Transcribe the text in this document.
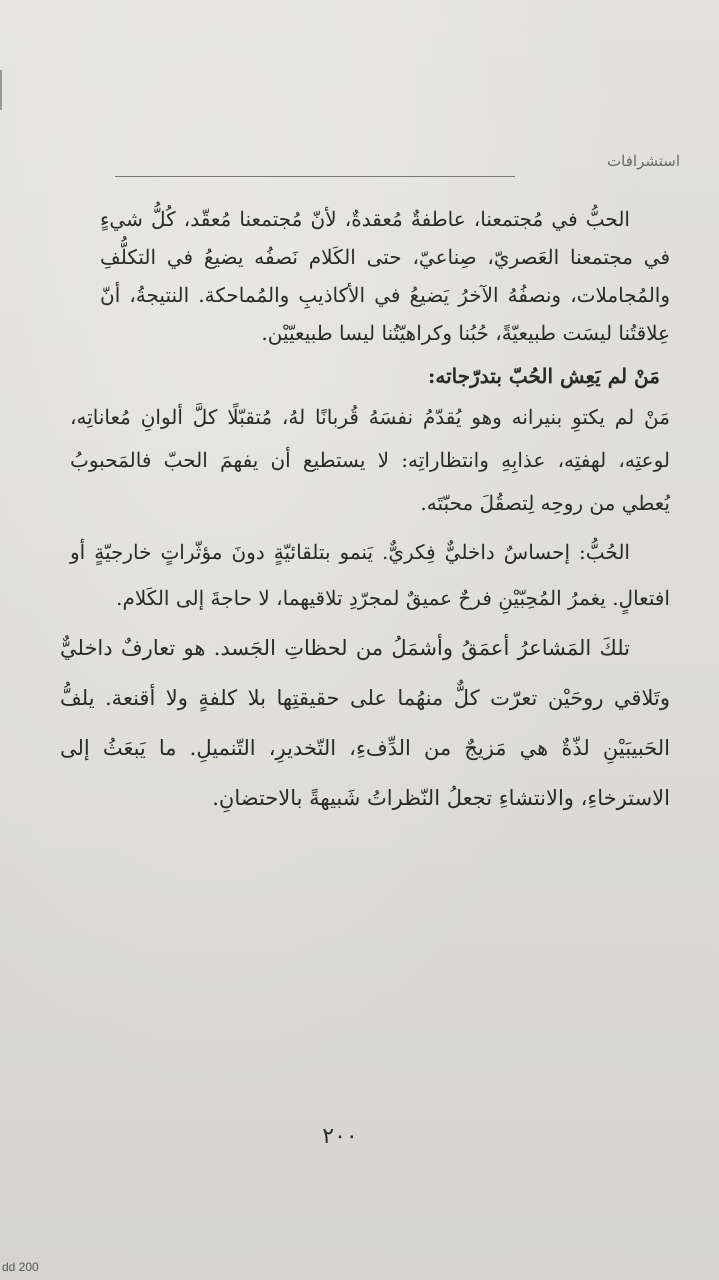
استشرافات

الحبُّ في مُجتمعنا، عاطفةٌ مُعقدةٌ، لأنّ مُجتمعنا مُعقّد، كُلُّ شيءٍ في مجتمعنا العَصريّ، صِناعيّ، حتى الكَلام نَصفُه يضيعُ في التكلُّفِ والمُجاملات، ونصفُهُ الآخرُ يَضيعُ في الأكاذيبِ والمُماحكة. النتيجةُ، أنّ عِلاقتُنا ليسَت طبيعيّةً، حُبُنا وكراهيّتُنا ليسا طبيعيّيْن.

مَنْ لم يَعِش الحُبّ بتدرّجاته:

مَنْ لم يكتوِ بنيرانه وهو يُقدّمُ نفسَهُ قُربانًا لهُ، مُتقبّلًا كلَّ ألوانِ مُعاناتِه، لوعتِه، لهفتِه، عذابِهِ وانتظاراتِه: لا يستطيع أن يفهمَ الحبّ فالمَحبوبُ يُعطي من روحِه لِتصقُلَ محبّتَه.

الحُبُّ: إحساسٌ داخليٌّ فِكريٌّ. يَنمو بتلقائيّةٍ دونَ مؤثّراتٍ خارجيّةٍ أو افتعالٍ. يغمرُ المُحِبّيْنِ فرحٌ عميقٌ لمجرّدِ تلاقيهما، لا حاجةَ إلى الكَلام.

تلكَ المَشاعرُ أعمَقُ وأشمَلُ من لحظاتِ الجَسد. هو تعارفٌ داخليٌّ وتَلاقي روحَيْن تعرّت كلٌّ منهُما على حقيقتِها بلا كلفةٍ ولا أقنعة. يلفُّ الحَبيبَيْنِ لذّةٌ هي مَزيجٌ من الدِّفءِ، التّخديرِ، التّنميلِ. ما يَبعَثُ إلى الاسترخاءِ، والانتشاءِ تجعلُ النّظراتُ شَبيهةً بالاحتضانِ.

٢٠٠
dd 200
